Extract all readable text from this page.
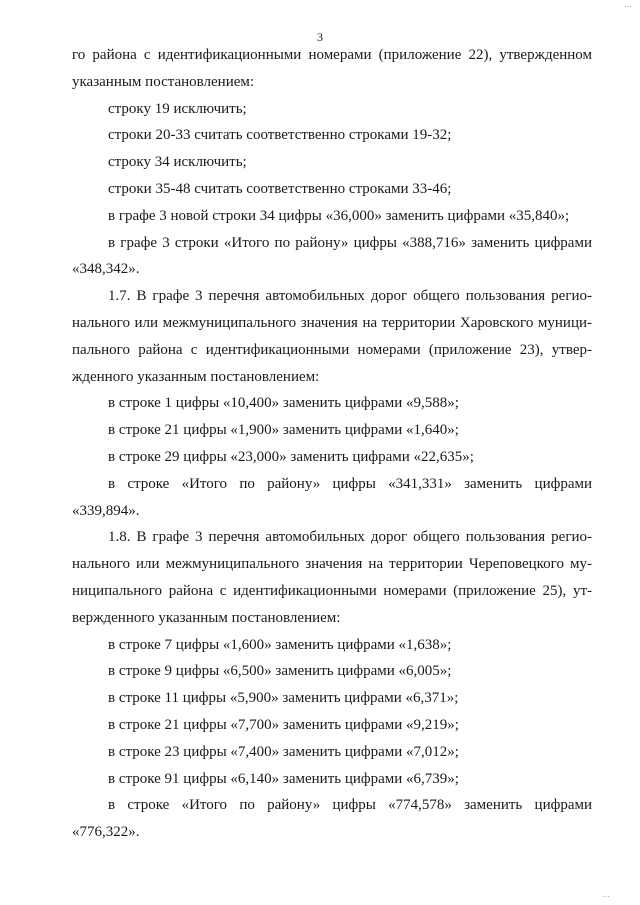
3
го района с идентификационными номерами (приложение 22), утвержденном
указанным постановлением:
строку 19 исключить;
строки 20-33 считать соответственно строками 19-32;
строку 34 исключить;
строки 35-48 считать соответственно строками 33-46;
в графе 3 новой строки 34 цифры «36,000» заменить цифрами «35,840»;
в графе 3 строки «Итого по району» цифры «388,716» заменить цифрами
«348,342».
1.7. В графе 3 перечня автомобильных дорог общего пользования регио-
нального или межмуниципального значения на территории Харовского муници-
пального района с идентификационными номерами (приложение 23), утвер-
жденного указанным постановлением:
в строке 1 цифры «10,400» заменить цифрами «9,588»;
в строке 21 цифры «1,900» заменить цифрами «1,640»;
в строке 29 цифры «23,000» заменить цифрами «22,635»;
в строке «Итого по району» цифры «341,331» заменить цифрами
«339,894».
1.8. В графе 3 перечня автомобильных дорог общего пользования регио-
нального или межмуниципального значения на территории Череповецкого му-
ниципального района с идентификационными номерами (приложение 25), ут-
вержденного указанным постановлением:
в строке 7 цифры «1,600» заменить цифрами «1,638»;
в строке 9 цифры «6,500» заменить цифрами «6,005»;
в строке 11 цифры «5,900» заменить цифрами «6,371»;
в строке 21 цифры «7,700» заменить цифрами «9,219»;
в строке 23 цифры «7,400» заменить цифрами «7,012»;
в строке 91 цифры «6,140» заменить цифрами «6,739»;
в строке «Итого по району» цифры «774,578» заменить цифрами
«776,322».
⋯
⋯
